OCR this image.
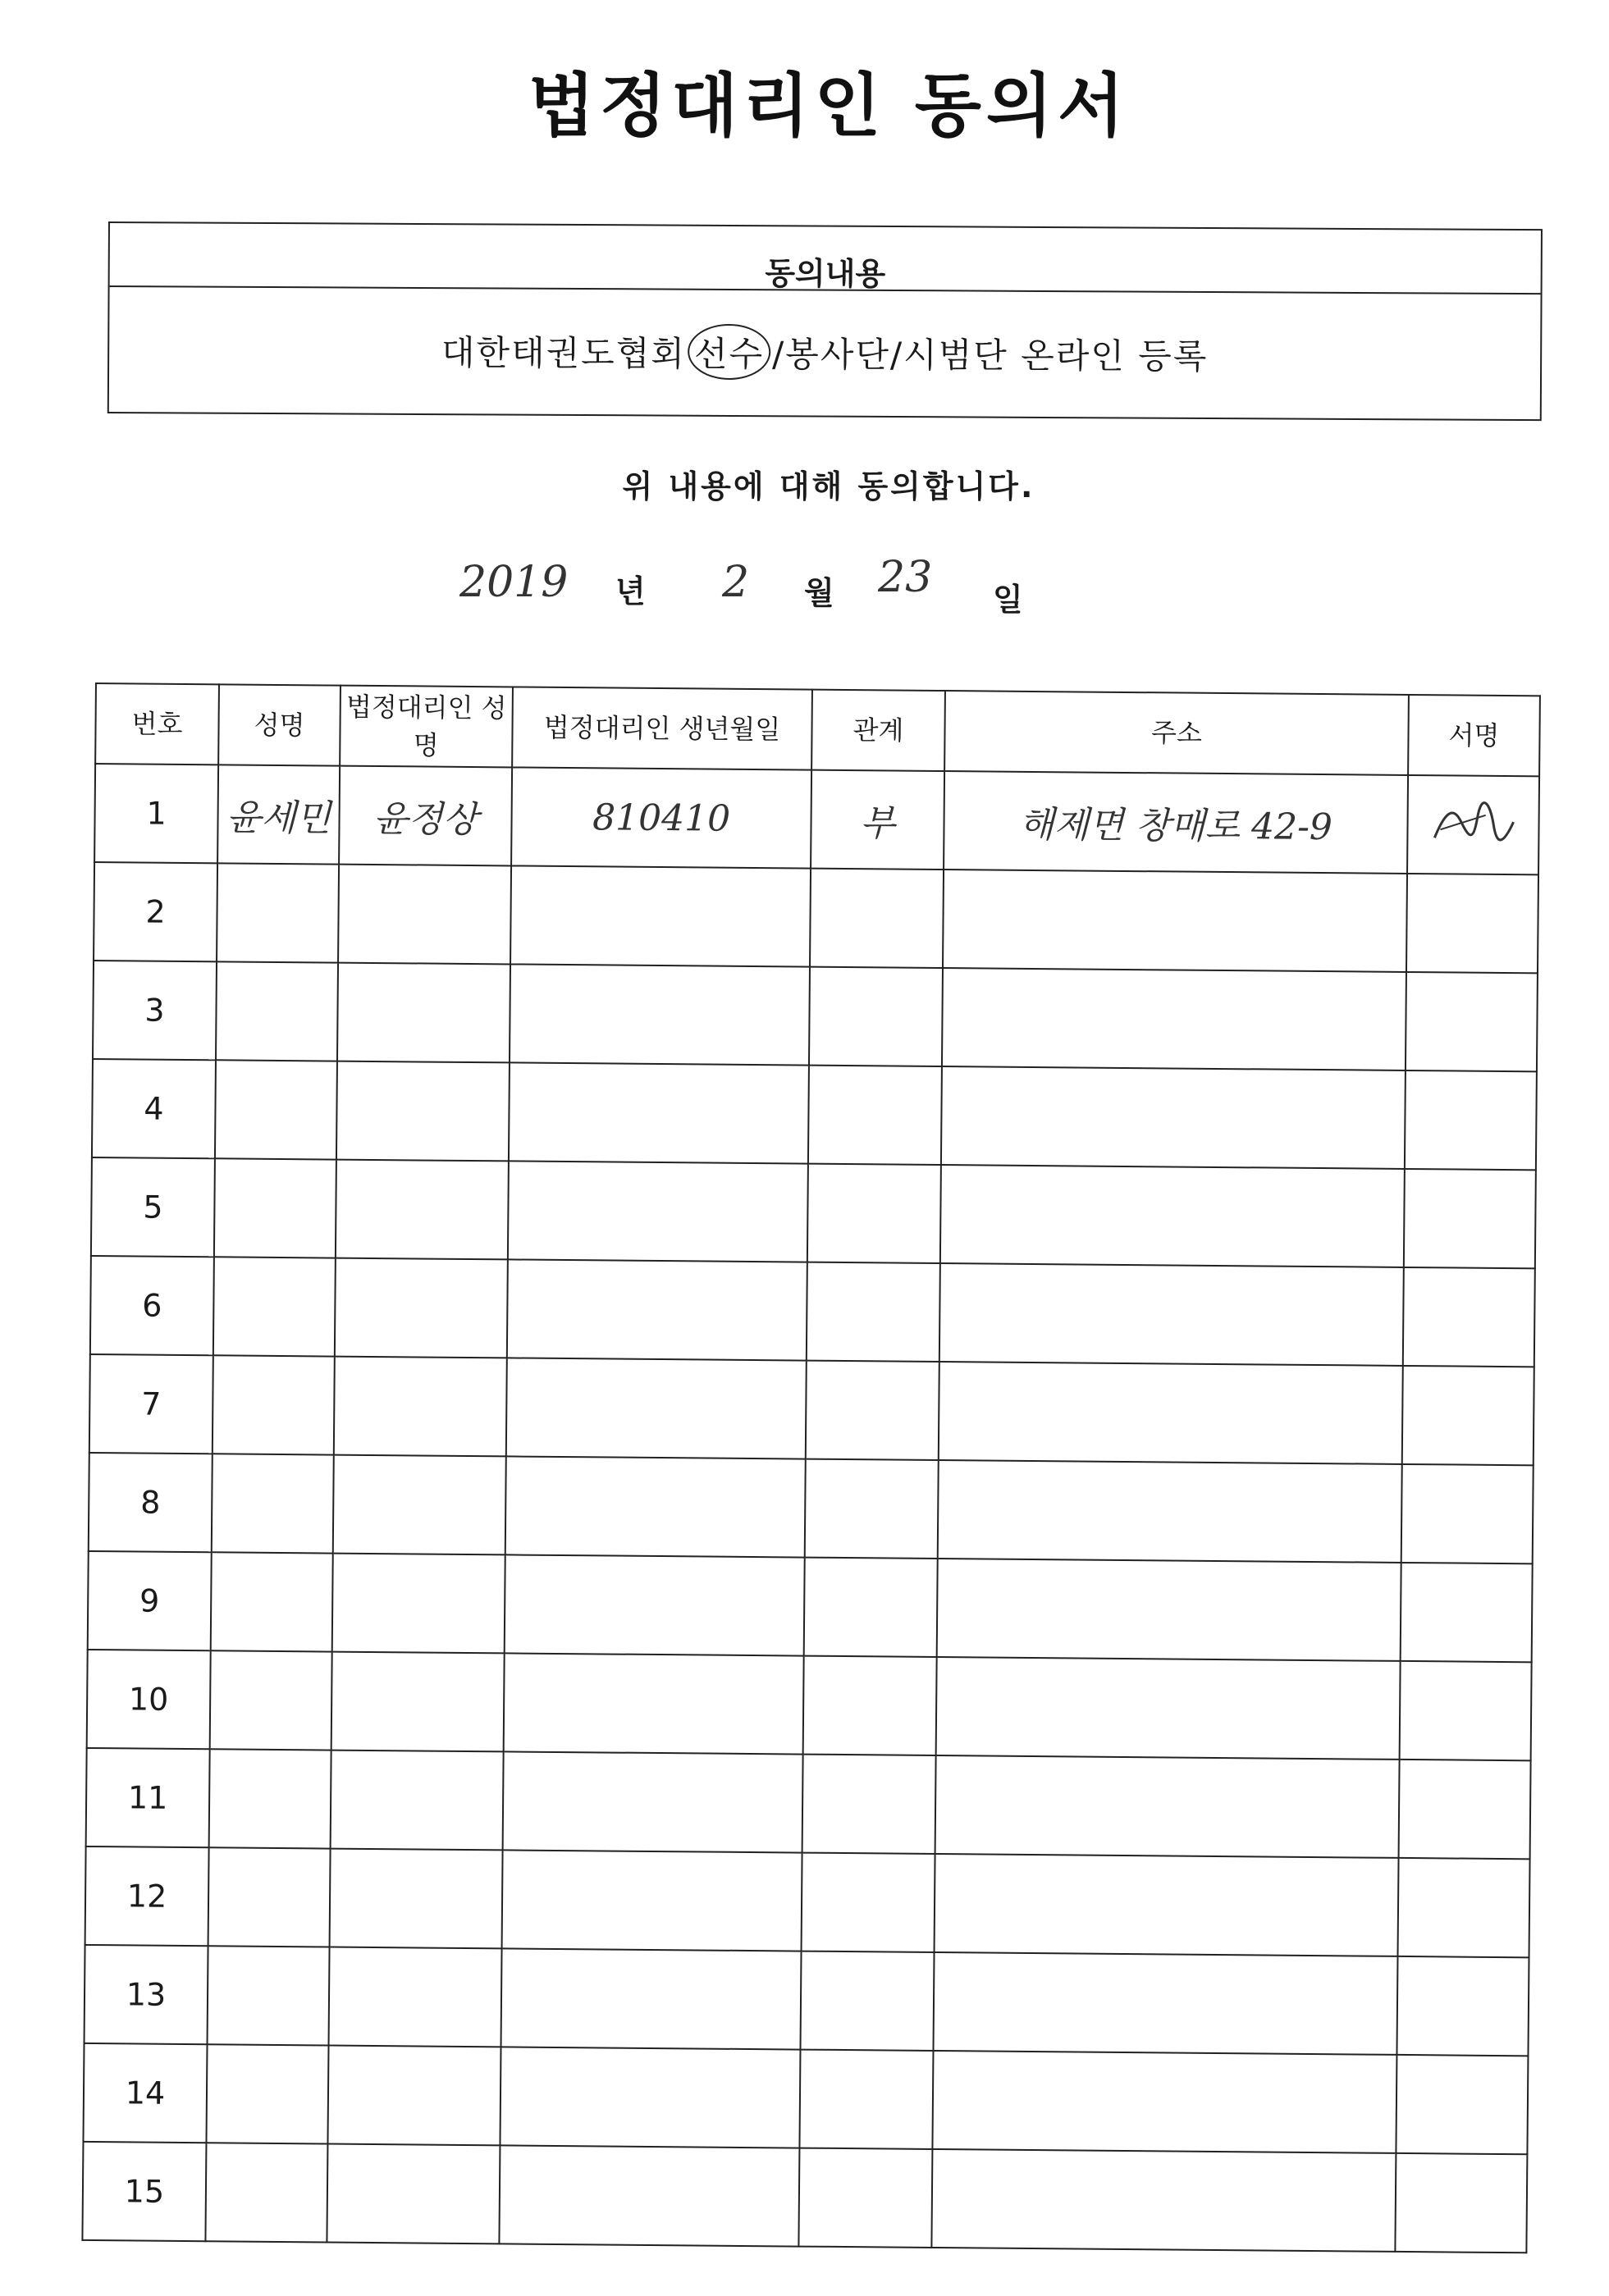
법정대리인 동의서
동의내용
대한태권도협회 선수 /봉사단/시범단 온라인 등록
위 내용에 대해 동의합니다.
2019 년 2 월 23 일
번호	성명	법정대리인 성명	법정대리인 생년월일	관계	주소	서명
1	윤세민	윤정상	810410	부	해제면 창매로 42-9	
2						
3						
4						
5						
6						
7						
8						
9						
10						
11						
12						
13						
14						
15						
